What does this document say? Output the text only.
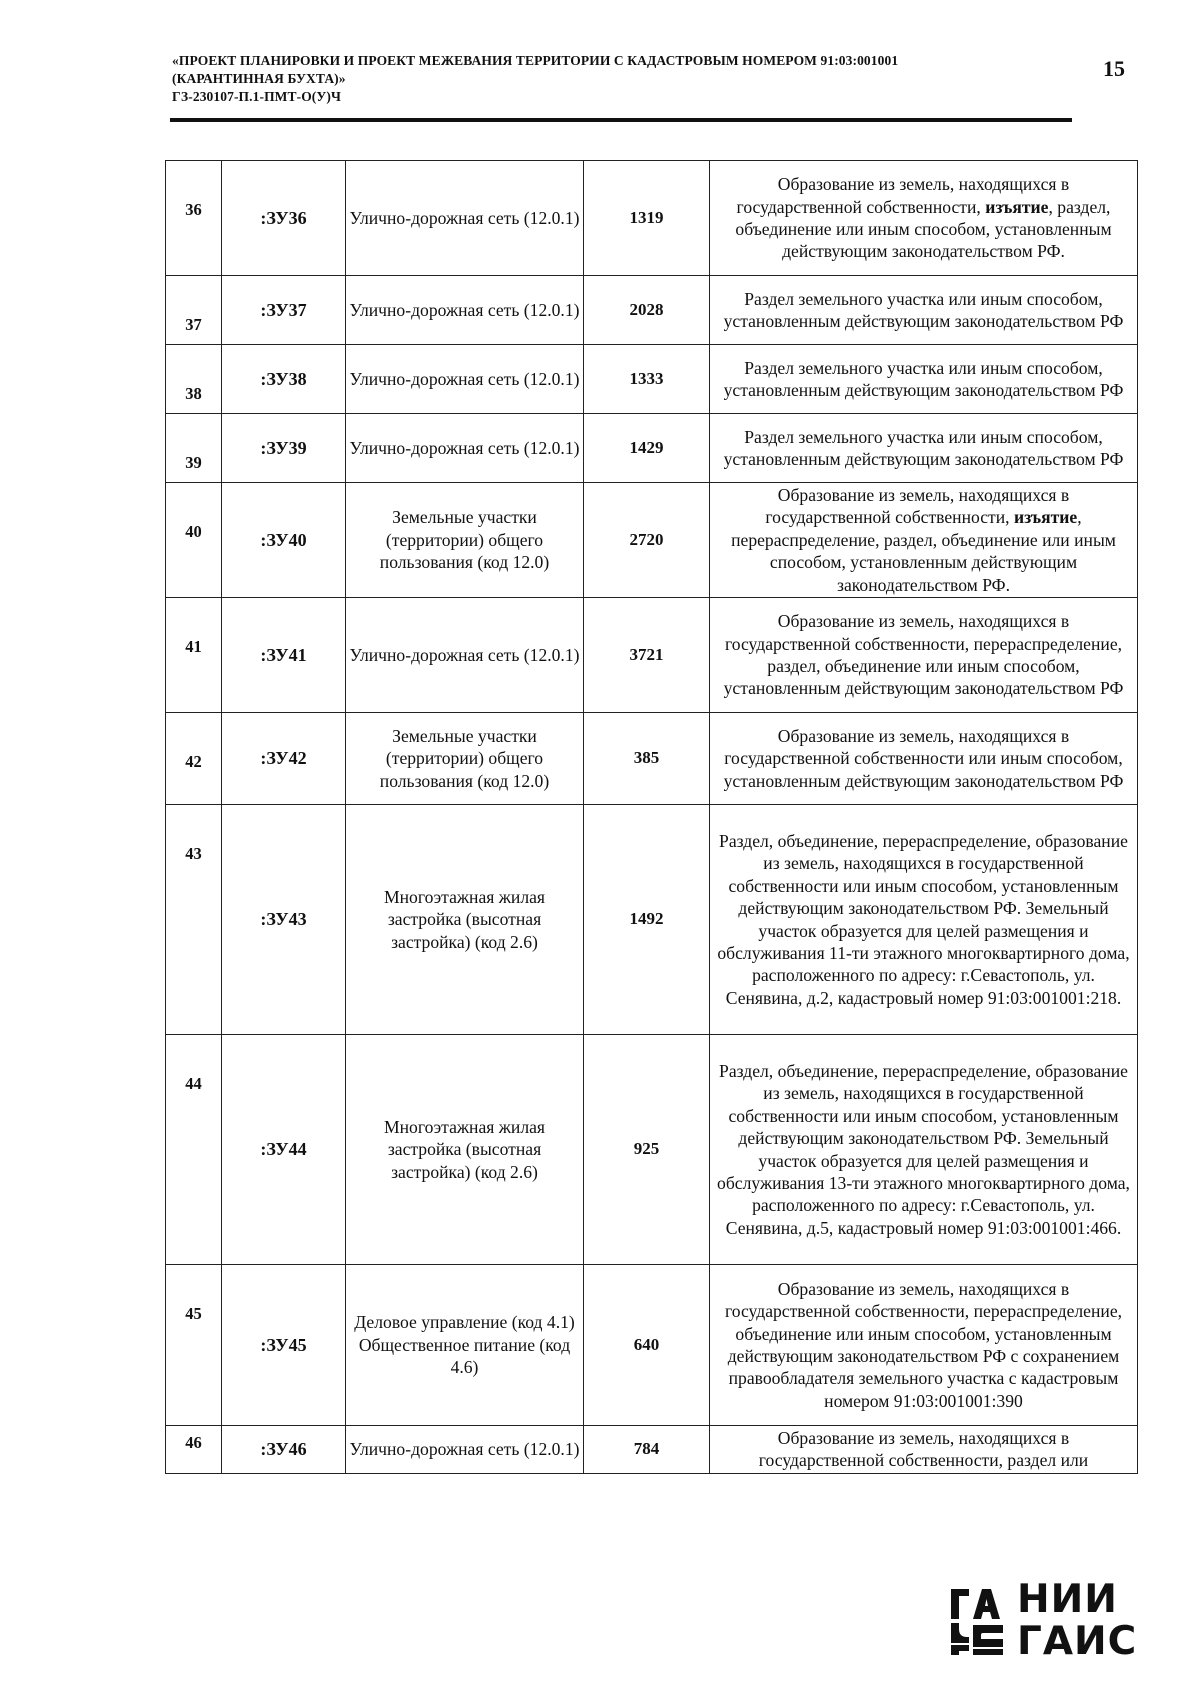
«ПРОЕКТ ПЛАНИРОВКИ И ПРОЕКТ МЕЖЕВАНИЯ ТЕРРИТОРИИ С КАДАСТРОВЫМ НОМЕРОМ 91:03:001001
(КАРАНТИННАЯ БУХТА)»
ГЗ-230107-П.1-ПМТ-О(У)Ч
15
36	:ЗУ36	Улично-дорожная сеть (12.0.1)	1319	Образование из земель, находящихся в государственной собственности, изъятие, раздел, объединение или иным способом, установленным действующим законодательством РФ.
37	:ЗУ37	Улично-дорожная сеть (12.0.1)	2028	Раздел земельного участка или иным способом, установленным действующим законодательством РФ
38	:ЗУ38	Улично-дорожная сеть (12.0.1)	1333	Раздел земельного участка или иным способом, установленным действующим законодательством РФ
39	:ЗУ39	Улично-дорожная сеть (12.0.1)	1429	Раздел земельного участка или иным способом, установленным действующим законодательством РФ
40	:ЗУ40	Земельные участки (территории) общего пользования (код 12.0)	2720	Образование из земель, находящихся в государственной собственности, изъятие, перераспределение, раздел, объединение или иным способом, установленным действующим законодательством РФ.
41	:ЗУ41	Улично-дорожная сеть (12.0.1)	3721	Образование из земель, находящихся в государственной собственности, перераспределение, раздел, объединение или иным способом, установленным действующим законодательством РФ
42	:ЗУ42	Земельные участки (территории) общего пользования (код 12.0)	385	Образование из земель, находящихся в государственной собственности или иным способом, установленным действующим законодательством РФ
43	:ЗУ43	Многоэтажная жилая застройка (высотная застройка) (код 2.6)	1492	Раздел, объединение, перераспределение, образование из земель, находящихся в государственной собственности или иным способом, установленным действующим законодательством РФ. Земельный участок образуется для целей размещения и обслуживания 11-ти этажного многоквартирного дома, расположенного по адресу: г.Севастополь, ул. Сенявина, д.2, кадастровый номер 91:03:001001:218.
44	:ЗУ44	Многоэтажная жилая застройка (высотная застройка) (код 2.6)	925	Раздел, объединение, перераспределение, образование из земель, находящихся в государственной собственности или иным способом, установленным действующим законодательством РФ. Земельный участок образуется для целей размещения и обслуживания 13-ти этажного многоквартирного дома, расположенного по адресу: г.Севастополь, ул. Сенявина, д.5, кадастровый номер 91:03:001001:466.
45	:ЗУ45	Деловое управление (код 4.1) Общественное питание (код 4.6)	640	Образование из земель, находящихся в государственной собственности, перераспределение, объединение или иным способом, установленным действующим законодательством РФ с сохранением правообладателя земельного участка с кадастровым номером 91:03:001001:390
46	:ЗУ46	Улично-дорожная сеть (12.0.1)	784	Образование из земель, находящихся в государственной собственности, раздел или
НИИ
ГАИС
